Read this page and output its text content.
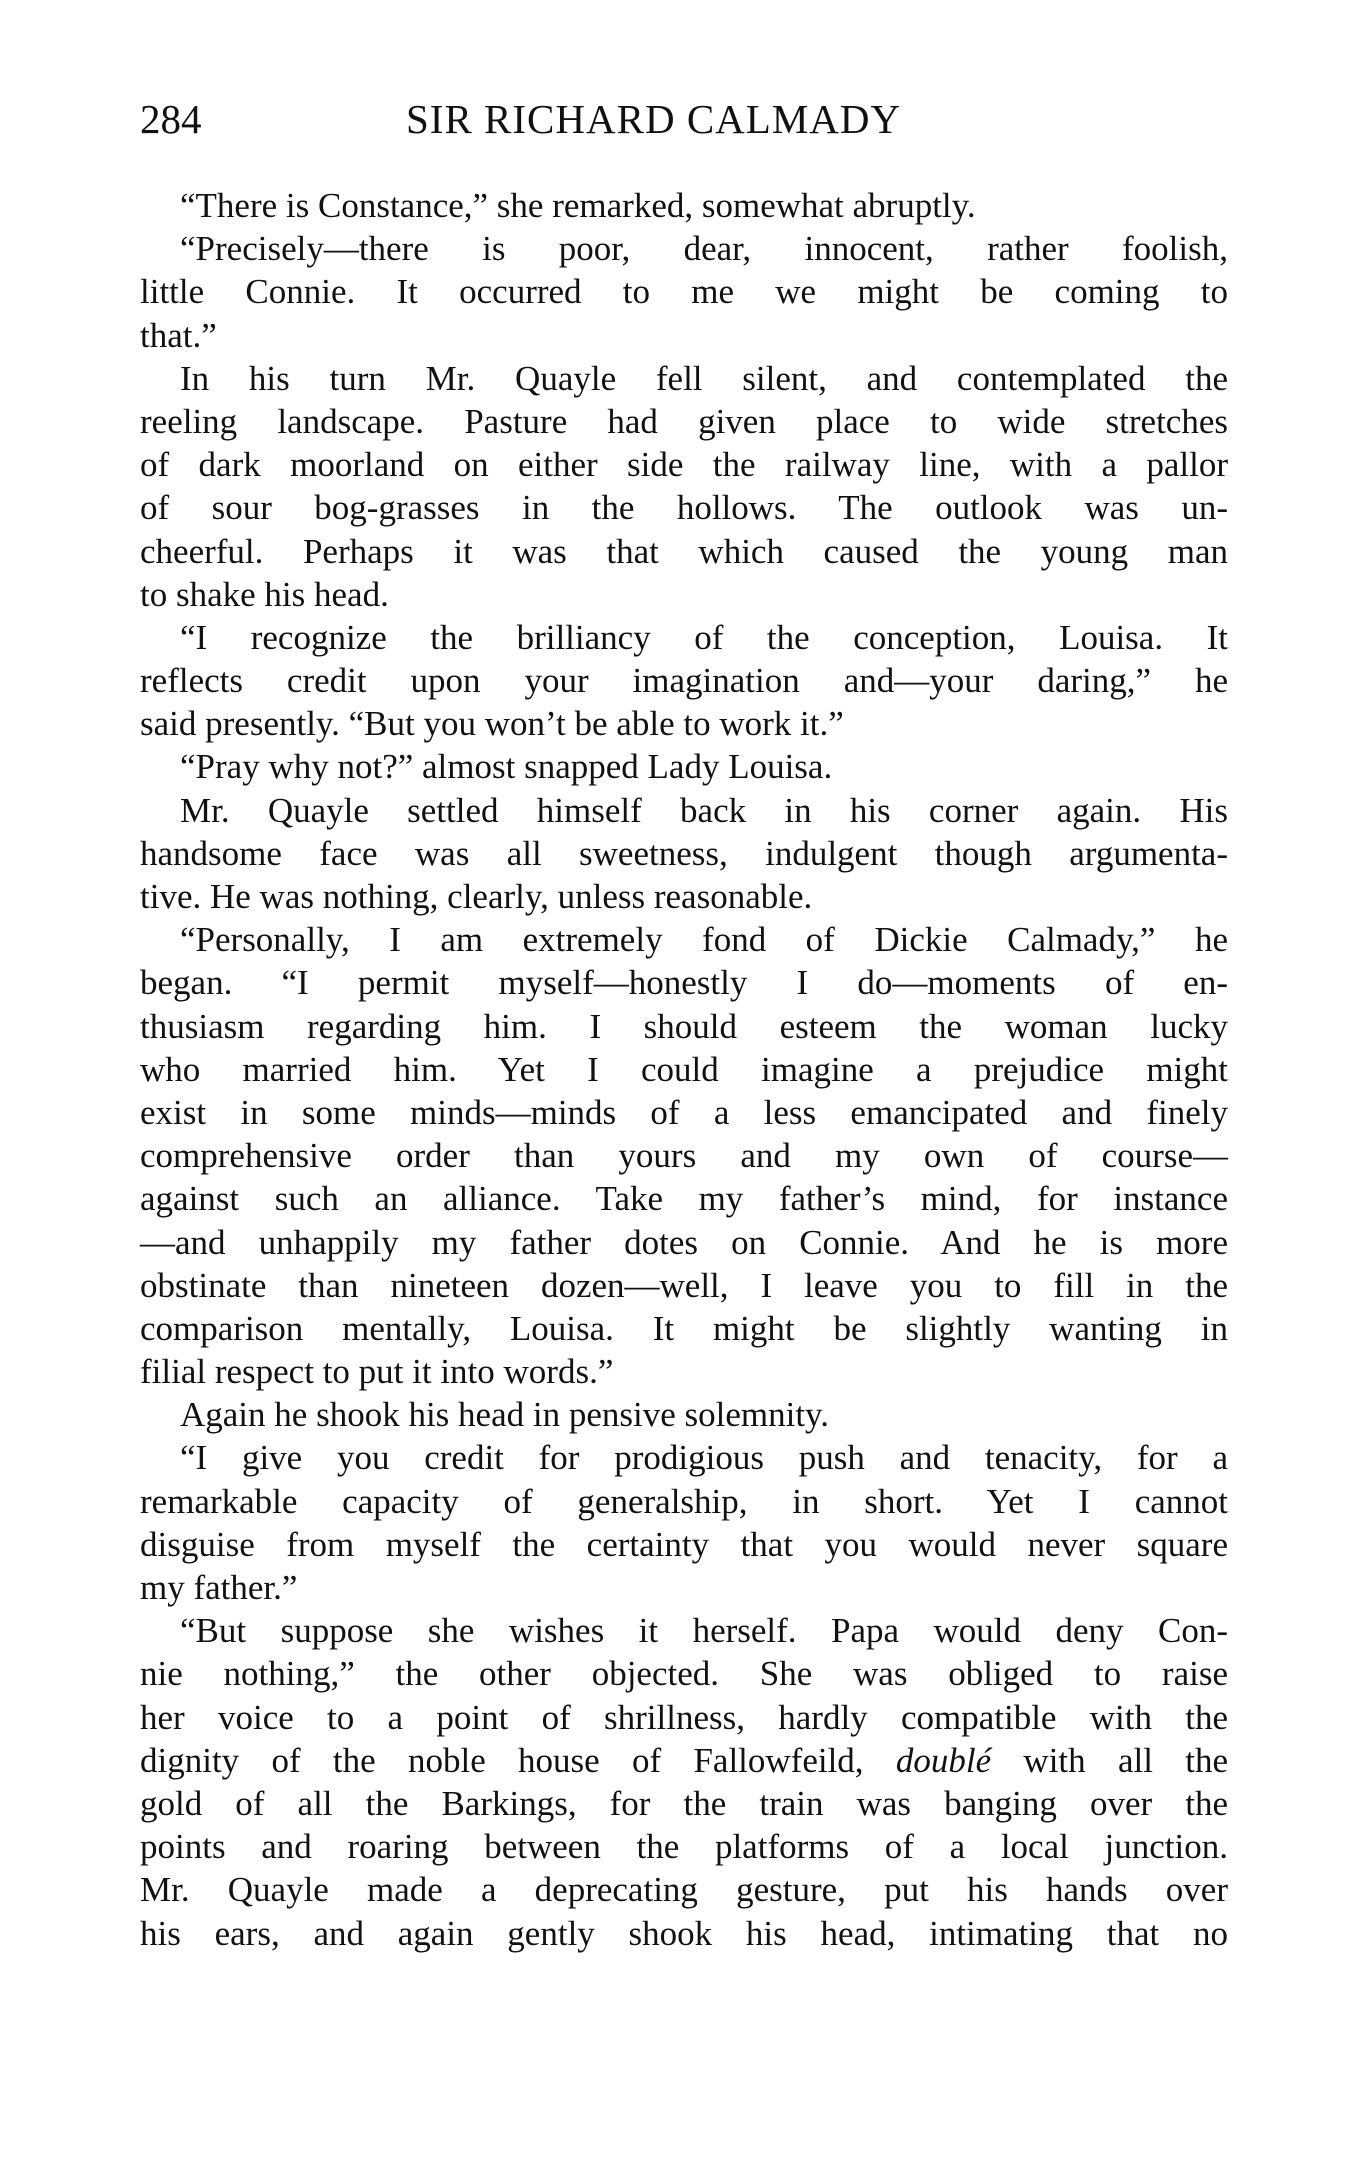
284	SIR RICHARD CALMADY
“There is Constance,” she remarked, somewhat abruptly.
“Precisely—there is poor, dear, innocent, rather foolish,
little Connie. It occurred to me we might be coming to
that.”
In his turn Mr. Quayle fell silent, and contemplated the
reeling landscape. Pasture had given place to wide stretches
of dark moorland on either side the railway line, with a pallor
of sour bog-grasses in the hollows. The outlook was un-
cheerful. Perhaps it was that which caused the young man
to shake his head.
“I recognize the brilliancy of the conception, Louisa. It
reflects credit upon your imagination and—your daring,” he
said presently. “But you won’t be able to work it.”
“Pray why not?” almost snapped Lady Louisa.
Mr. Quayle settled himself back in his corner again. His
handsome face was all sweetness, indulgent though argumenta-
tive. He was nothing, clearly, unless reasonable.
“Personally, I am extremely fond of Dickie Calmady,” he
began. “I permit myself—honestly I do—moments of en-
thusiasm regarding him. I should esteem the woman lucky
who married him. Yet I could imagine a prejudice might
exist in some minds—minds of a less emancipated and finely
comprehensive order than yours and my own of course—
against such an alliance. Take my father’s mind, for instance
—and unhappily my father dotes on Connie. And he is more
obstinate than nineteen dozen—well, I leave you to fill in the
comparison mentally, Louisa. It might be slightly wanting in
filial respect to put it into words.”
Again he shook his head in pensive solemnity.
“I give you credit for prodigious push and tenacity, for a
remarkable capacity of generalship, in short. Yet I cannot
disguise from myself the certainty that you would never square
my father.”
“But suppose she wishes it herself. Papa would deny Con-
nie nothing,” the other objected. She was obliged to raise
her voice to a point of shrillness, hardly compatible with the
dignity of the noble house of Fallowfeild, doublé with all the
gold of all the Barkings, for the train was banging over the
points and roaring between the platforms of a local junction.
Mr. Quayle made a deprecating gesture, put his hands over
his ears, and again gently shook his head, intimating that no
